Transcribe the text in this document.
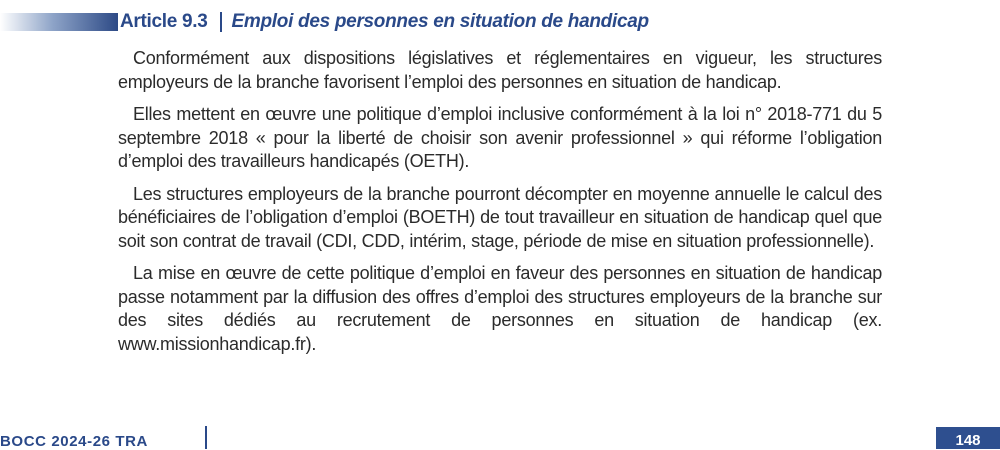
Article 9.3 Emploi des personnes en situation de handicap

Conformément aux dispositions législatives et réglementaires en vigueur, les structures employeurs de la branche favorisent l’emploi des personnes en situation de handicap.

Elles mettent en œuvre une politique d’emploi inclusive conformément à la loi n° 2018-771 du 5 septembre 2018 « pour la liberté de choisir son avenir professionnel » qui réforme l’obligation d’emploi des travailleurs handicapés (OETH).

Les structures employeurs de la branche pourront décompter en moyenne annuelle le calcul des bénéficiaires de l’obligation d’emploi (BOETH) de tout travailleur en situation de handicap quel que soit son contrat de travail (CDI, CDD, intérim, stage, période de mise en situation professionnelle).

La mise en œuvre de cette politique d’emploi en faveur des personnes en situation de handicap passe notamment par la diffusion des offres d’emploi des structures employeurs de la branche sur des sites dédiés au recrutement de personnes en situation de handicap (ex. www.missionhandicap.fr).

BOCC 2024-26 TRA	148
